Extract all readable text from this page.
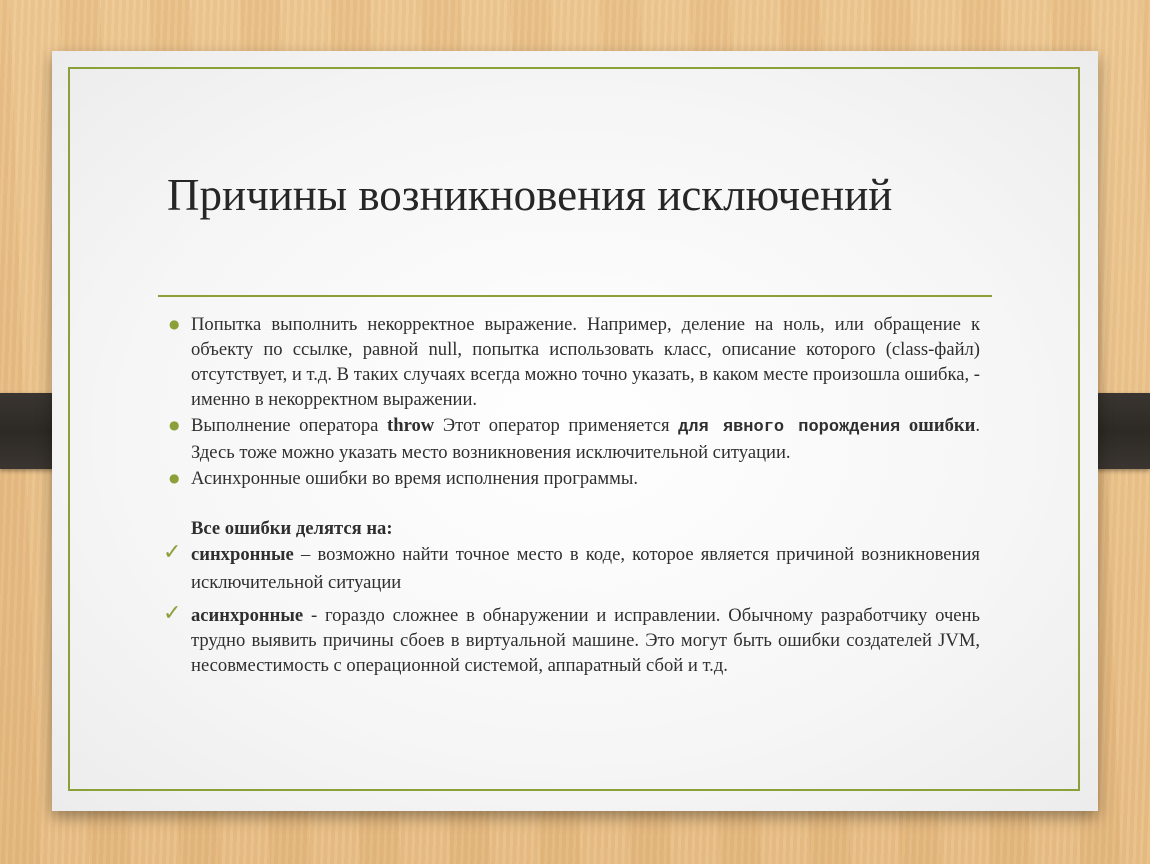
Причины возникновения исключений
● Попытка выполнить некорректное выражение. Например, деление на ноль, или обращение к объекту по ссылке, равной null, попытка использовать класс, описание которого (class-файл) отсутствует, и т.д. В таких случаях всегда можно точно указать, в каком месте произошла ошибка, - именно в некорректном выражении.
● Выполнение оператора throw Этот оператор применяется для явного порождения ошибки. Здесь тоже можно указать место возникновения исключительной ситуации.
● Асинхронные ошибки во время исполнения программы.
Все ошибки делятся на:
✓ синхронные – возможно найти точное место в коде, которое является причиной возникновения исключительной ситуации
✓ асинхронные - гораздо сложнее в обнаружении и исправлении. Обычному разработчику очень трудно выявить причины сбоев в виртуальной машине. Это могут быть ошибки создателей JVM, несовместимость с операционной системой, аппаратный сбой и т.д.
